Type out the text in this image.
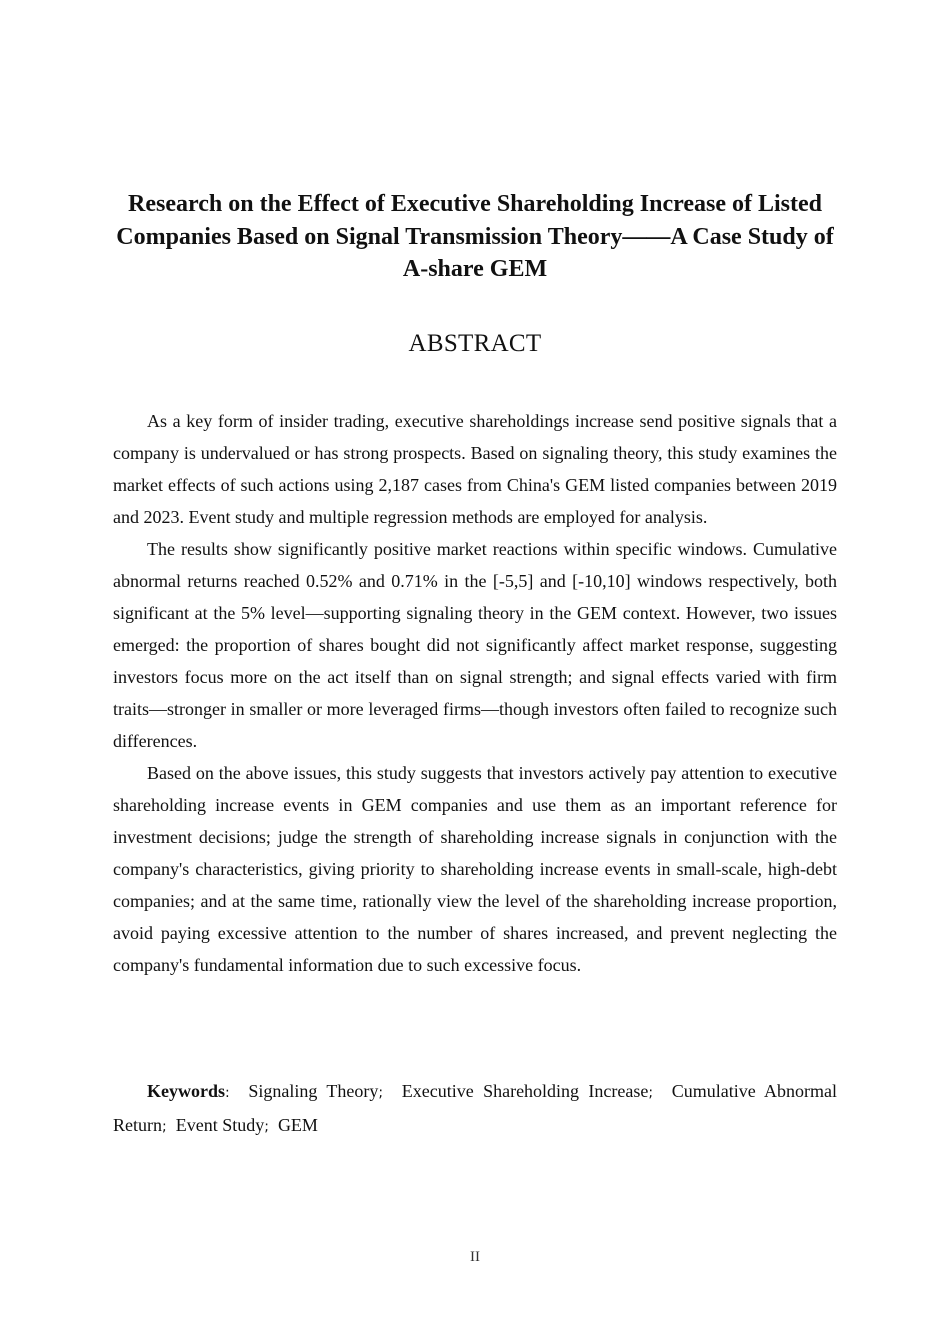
Research on the Effect of Executive Shareholding Increase of Listed Companies Based on Signal Transmission Theory——A Case Study of A-share GEM
ABSTRACT

As a key form of insider trading, executive shareholdings increase send positive signals that a company is undervalued or has strong prospects. Based on signaling theory, this study examines the market effects of such actions using 2,187 cases from China's GEM listed companies between 2019 and 2023. Event study and multiple regression methods are employed for analysis.

The results show significantly positive market reactions within specific windows. Cumulative abnormal returns reached 0.52% and 0.71% in the [-5,5] and [-10,10] windows respectively, both significant at the 5% level—supporting signaling theory in the GEM context. However, two issues emerged: the proportion of shares bought did not significantly affect market response, suggesting investors focus more on the act itself than on signal strength; and signal effects varied with firm traits—stronger in smaller or more leveraged firms—though investors often failed to recognize such differences.

Based on the above issues, this study suggests that investors actively pay attention to executive shareholding increase events in GEM companies and use them as an important reference for investment decisions; judge the strength of shareholding increase signals in conjunction with the company's characteristics, giving priority to shareholding increase events in small-scale, high-debt companies; and at the same time, rationally view the level of the shareholding increase proportion, avoid paying excessive attention to the number of shares increased, and prevent neglecting the company's fundamental information due to such excessive focus.

Keywords: Signaling Theory; Executive Shareholding Increase; Cumulative Abnormal Return; Event Study; GEM

II
